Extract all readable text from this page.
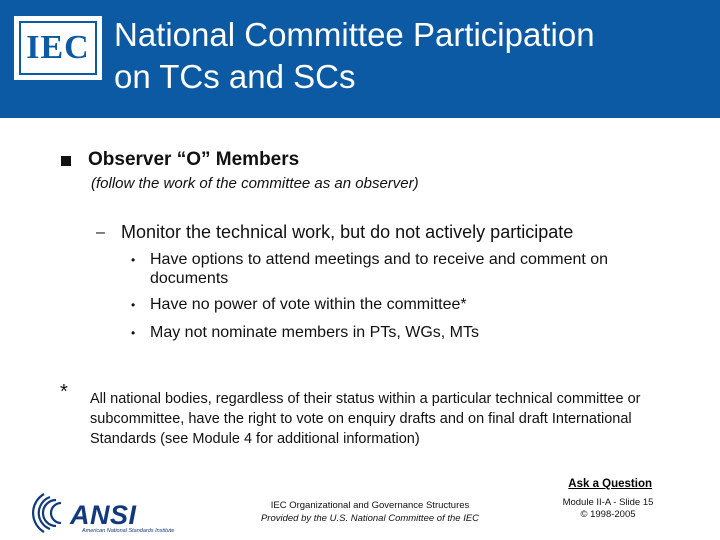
IEC National Committee Participation
on TCs and SCs
Observer “O” Members
(follow the work of the committee as an observer)
– Monitor the technical work, but do not actively participate
• Have options to attend meetings and to receive and comment on documents
• Have no power of vote within the committee*
• May not nominate members in PTs, WGs, MTs
* All national bodies, regardless of their status within a particular technical committee or subcommittee, have the right to vote on enquiry drafts and on final draft International Standards (see Module 4 for additional information)
Ask a Question
ANSI
American National Standards Institute
IEC Organizational and Governance Structures
Provided by the U.S. National Committee of the IEC
Module II-A - Slide 15
© 1998-2005
